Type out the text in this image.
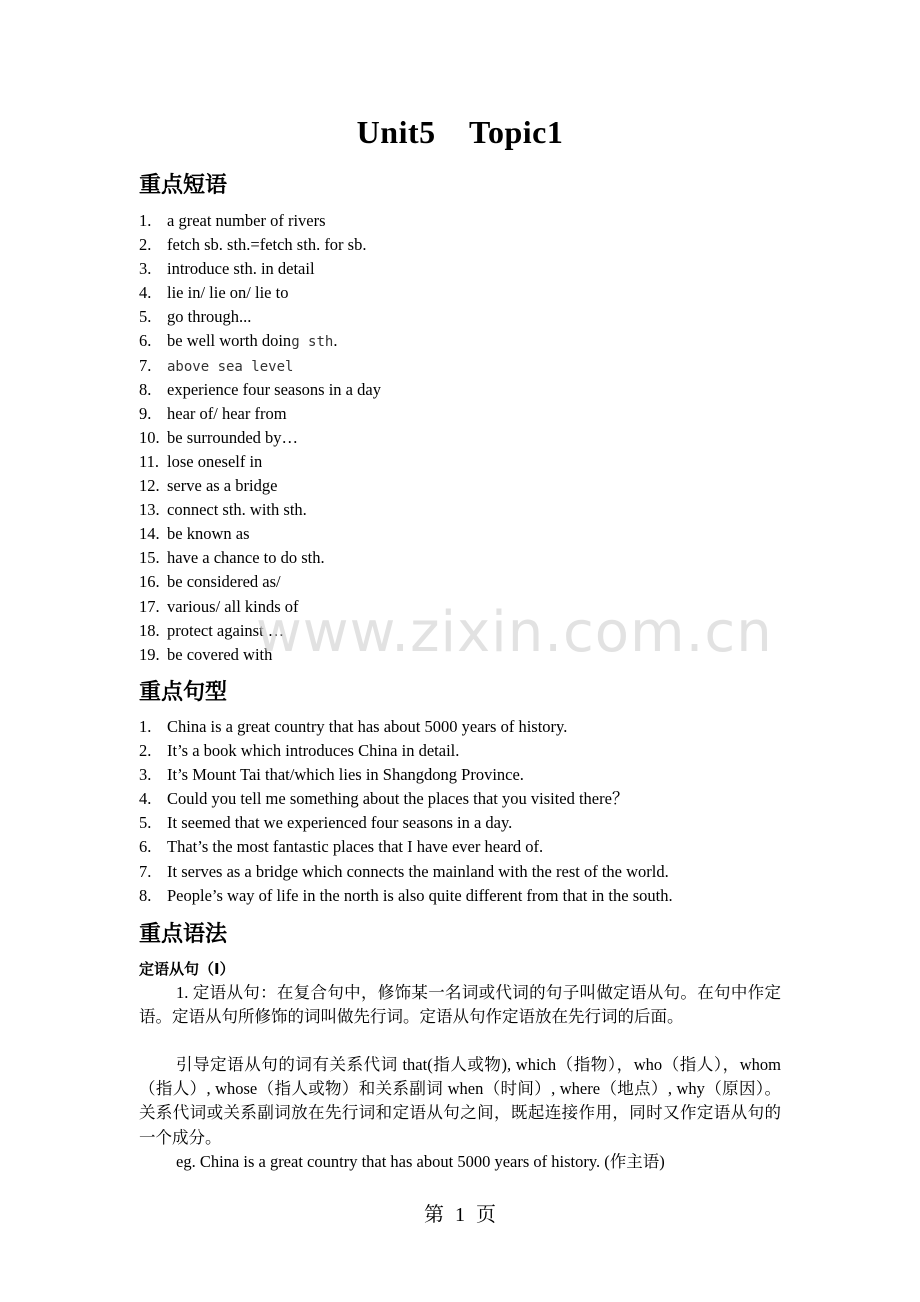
Unit5    Topic1
重点短语
1. a great number of rivers
2. fetch sb. sth.=fetch sth. for sb.
3. introduce sth. in detail
4. lie in/ lie on/ lie to
5. go through...
6. be well worth doing sth.
7. above sea level
8. experience four seasons in a day
9. hear of/ hear from
10. be surrounded by…
11. lose oneself in
12. serve as a bridge
13. connect sth. with sth.
14. be known as
15. have a chance to do sth.
16. be considered as/
17. various/ all kinds of
18. protect against …
19. be covered with
www.zixin.com.cn
重点句型
1. China is a great country that has about 5000 years of history.
2. It’s a book which introduces China in detail.
3. It’s Mount Tai that/which lies in Shangdong Province.
4. Could you tell me something about the places that you visited there？
5. It seemed that we experienced four seasons in a day.
6. That’s the most fantastic places that I have ever heard of.
7. It serves as a bridge which connects the mainland with the rest of the world.
8. People’s way of life in the north is also quite different from that in the south.
重点语法
定语从句（Ⅰ）
1. 定语从句：在复合句中，修饰某一名词或代词的句子叫做定语从句。在句中作定语。定语从句所修饰的词叫做先行词。定语从句作定语放在先行词的后面。
引导定语从句的词有关系代词 that(指人或物), which（指物），who（指人），whom（指人）, whose（指人或物）和关系副词 when（时间）, where（地点）, why（原因）。关系代词或关系副词放在先行词和定语从句之间，既起连接作用，同时又作定语从句的一个成分。
eg. China is a great country that has about 5000 years of history. (作主语)
第 1 页
